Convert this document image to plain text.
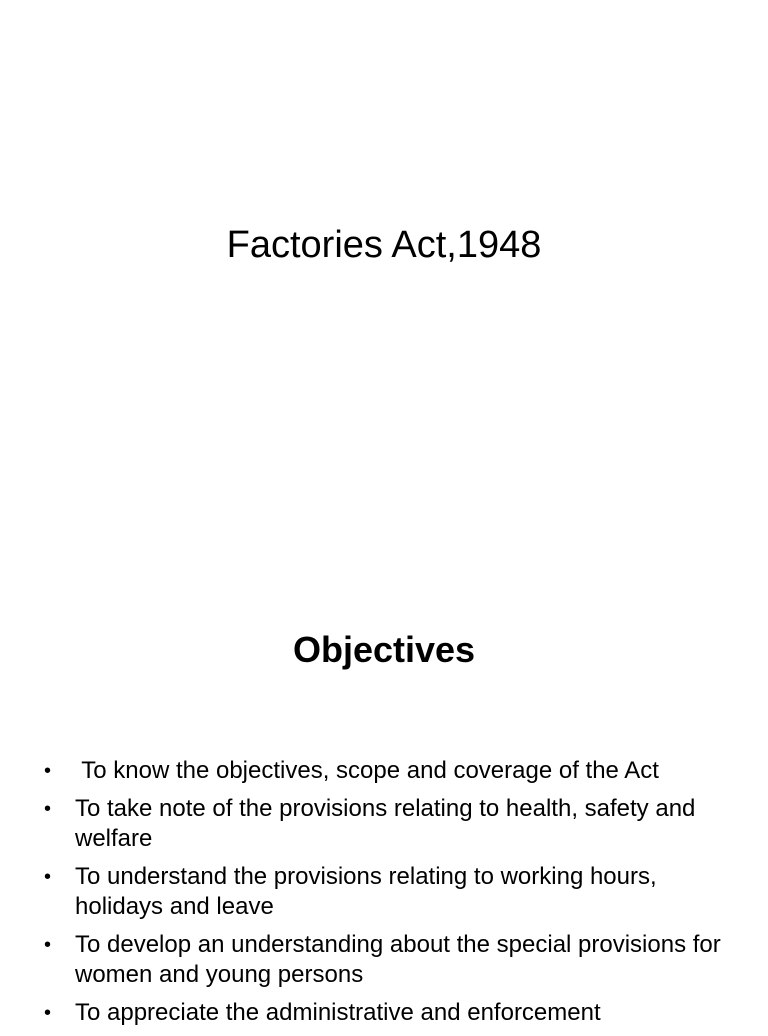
Factories Act,1948
Objectives
• To know the objectives, scope and coverage of the Act
• To take note of the provisions relating to health, safety and welfare
• To understand the provisions relating to working hours, holidays and leave
• To develop an understanding about the special provisions for women and young persons
• To appreciate the administrative and enforcement
